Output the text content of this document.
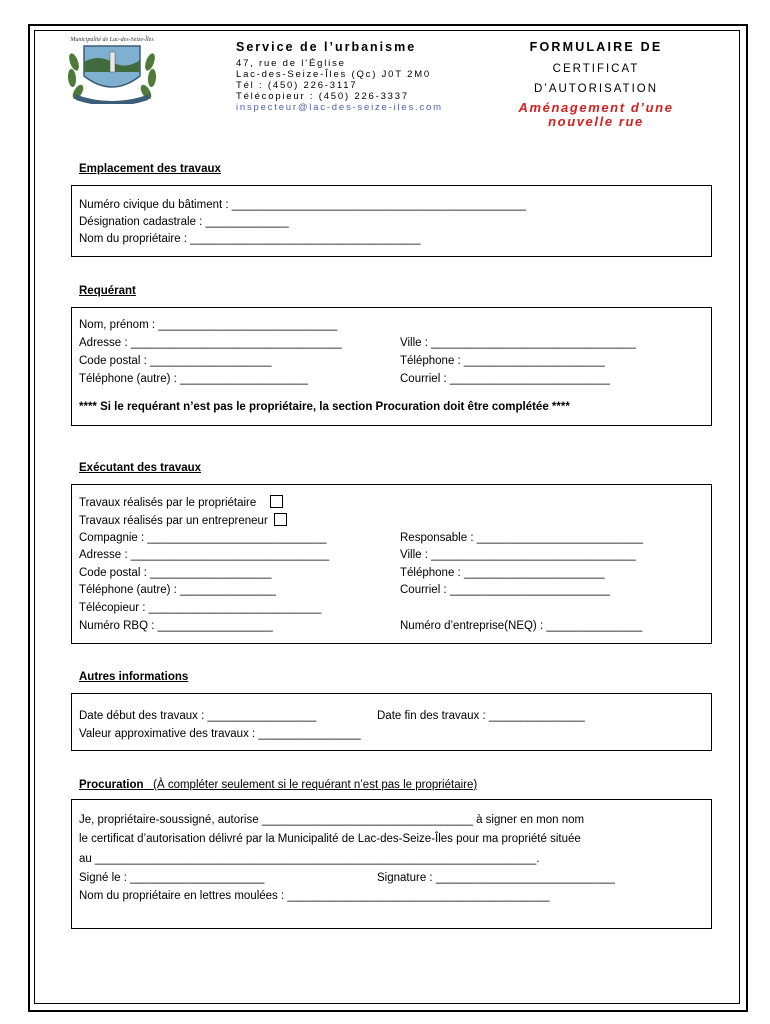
Municipalité de Lac-des-Seize-Îles	Service de l’urbanisme
47, rue de l’Église
Lac-des-Seize-Îles (Qc) J0T 2M0
Tél : (450) 226-3117
Télécopieur : (450) 226-3337
inspecteur@lac-des-seize-iles.com
FORMULAIRE DE
CERTIFICAT
D’AUTORISATION
Aménagement d’une
nouvelle rue
Emplacement des travaux
Numéro civique du bâtiment : ______________________________________________
Désignation cadastrale : _____________
Nom du propriétaire : ____________________________________
Requérant
Nom, prénom : ____________________________
Adresse : _________________________________	Ville : ________________________________
Code postal : ___________________	Téléphone : ______________________
Téléphone (autre) : ____________________	Courriel : _________________________
**** Si le requérant n’est pas le propriétaire, la section Procuration doit être complétée ****
Exécutant des travaux
Travaux réalisés par le propriétaire
Travaux réalisés par un entrepreneur
Compagnie : ____________________________	Responsable : __________________________
Adresse : _______________________________	Ville : ________________________________
Code postal : ___________________	Téléphone : ______________________
Téléphone (autre) : _______________	Courriel : _________________________
Télécopieur : ___________________________
Numéro RBQ : __________________	Numéro d’entreprise(NEQ) : _______________
Autres informations
Date début des travaux : _________________	Date fin des travaux : _______________
Valeur approximative des travaux : ________________
Procuration (À compléter seulement si le requérant n’est pas le propriétaire)
Je, propriétaire-soussigné, autorise _________________________________ à signer en mon nom
le certificat d’autorisation délivré par la Municipalité de Lac-des-Seize-Îles pour ma propriété située
au _____________________________________________________________________.
Signé le : _____________________	Signature : ____________________________
Nom du propriétaire en lettres moulées : _________________________________________
